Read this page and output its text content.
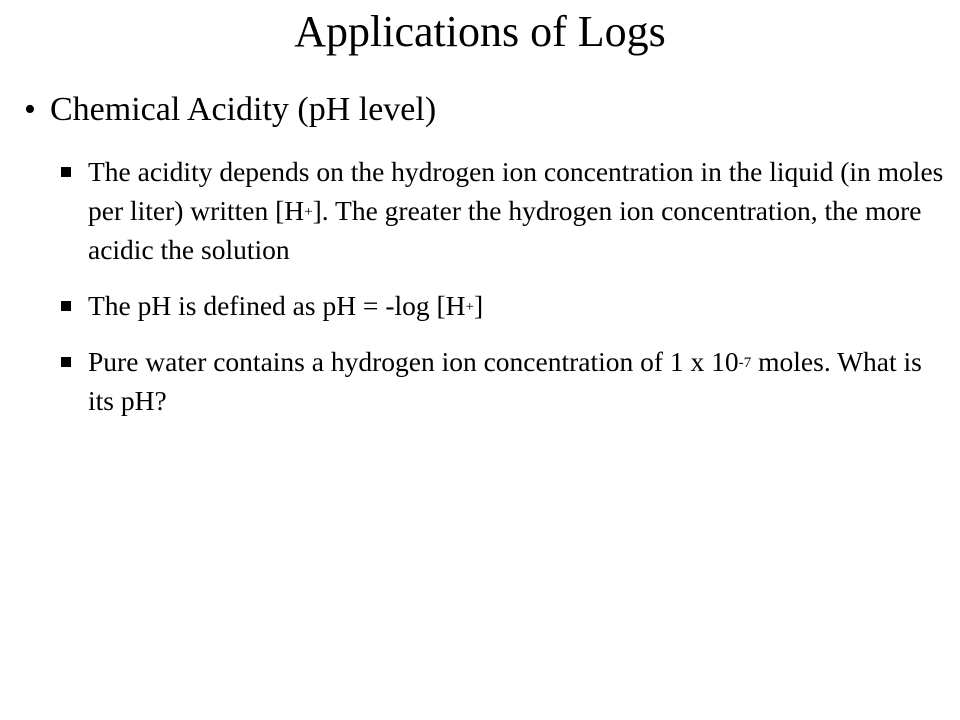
Applications of Logs
• Chemical Acidity (pH level)
The acidity depends on the hydrogen ion concentration in the liquid (in moles per liter) written [H+]. The greater the hydrogen ion concentration, the more acidic the solution
The pH is defined as pH = -log [H+]
Pure water contains a hydrogen ion concentration of 1 x $10^{-7}$ moles. What is its pH?
